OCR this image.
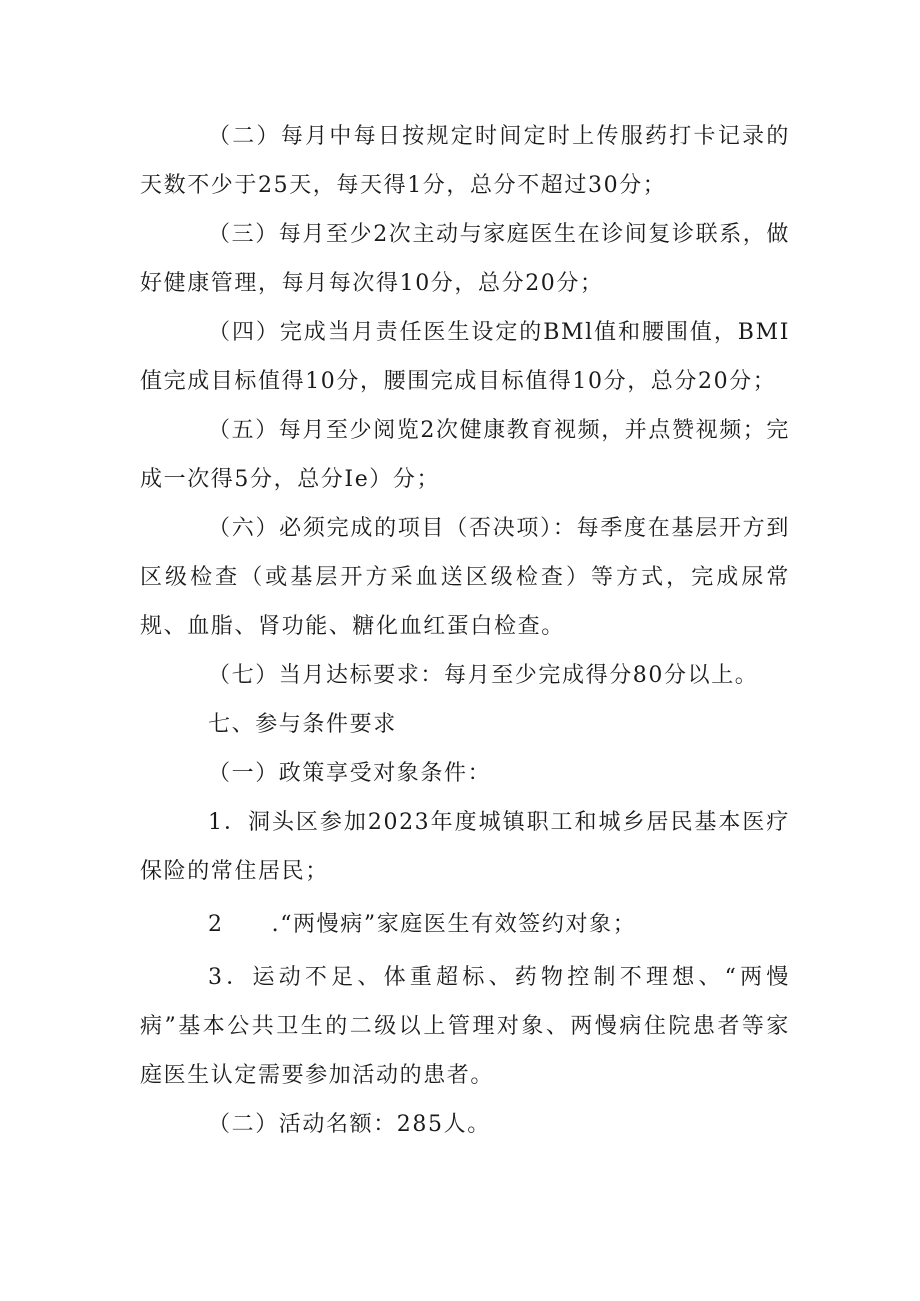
（二）每月中每日按规定时间定时上传服药打卡记录的天数不少于25天，每天得1分，总分不超过30分；

（三）每月至少2次主动与家庭医生在诊间复诊联系，做好健康管理，每月每次得10分，总分20分；

（四）完成当月责任医生设定的BMl值和腰围值，BMI值完成目标值得10分，腰围完成目标值得10分，总分20分；

（五）每月至少阅览2次健康教育视频，并点赞视频；完成一次得5分，总分Ie）分；

（六）必须完成的项目（否决项）：每季度在基层开方到区级检查（或基层开方采血送区级检查）等方式，完成尿常规、血脂、肾功能、糖化血红蛋白检查。

（七）当月达标要求：每月至少完成得分80分以上。

七、参与条件要求

（一）政策享受对象条件：

1．洞头区参加2023年度城镇职工和城乡居民基本医疗保险的常住居民；

2 .“两慢病”家庭医生有效签约对象；

3．运动不足、体重超标、药物控制不理想、“两慢病”基本公共卫生的二级以上管理对象、两慢病住院患者等家庭医生认定需要参加活动的患者。

（二）活动名额：285人。
